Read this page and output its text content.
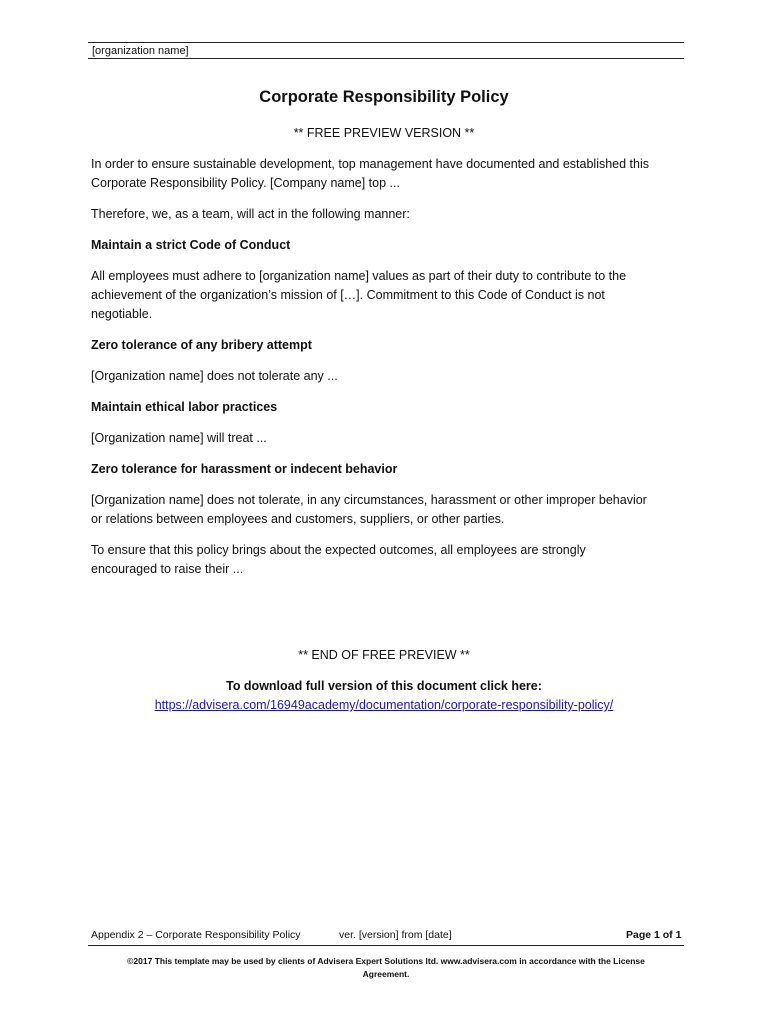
[organization name]
Corporate Responsibility Policy
** FREE PREVIEW VERSION **
In order to ensure sustainable development, top management have documented and established this
Corporate Responsibility Policy. [Company name] top ...
Therefore, we, as a team, will act in the following manner:
Maintain a strict Code of Conduct
All employees must adhere to [organization name] values as part of their duty to contribute to the
achievement of the organization’s mission of […]. Commitment to this Code of Conduct is not
negotiable.
Zero tolerance of any bribery attempt
[Organization name] does not tolerate any ...
Maintain ethical labor practices
[Organization name] will treat ...
Zero tolerance for harassment or indecent behavior
[Organization name] does not tolerate, in any circumstances, harassment or other improper behavior
or relations between employees and customers, suppliers, or other parties.
To ensure that this policy brings about the expected outcomes, all employees are strongly
encouraged to raise their ...
** END OF FREE PREVIEW **
To download full version of this document click here:
https://advisera.com/16949academy/documentation/corporate-responsibility-policy/
Appendix 2 – Corporate Responsibility Policy	ver. [version] from [date]	Page 1 of 1
©2017 This template may be used by clients of Advisera Expert Solutions ltd. www.advisera.com in accordance with the License
Agreement.
